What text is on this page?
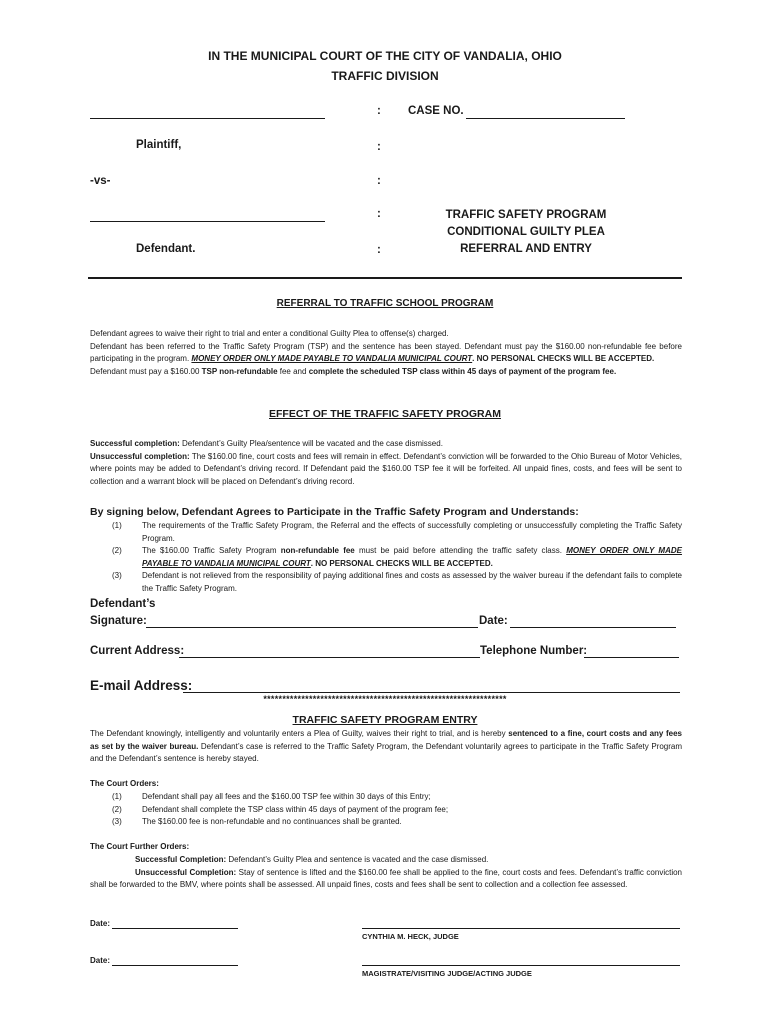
IN THE MUNICIPAL COURT OF THE CITY OF VANDALIA, OHIO
TRAFFIC DIVISION
: CASE NO.
Plaintiff,	:
-vs-	:
:	TRAFFIC SAFETY PROGRAM
CONDITIONAL GUILTY PLEA
REFERRAL AND ENTRY
Defendant.	:
REFERRAL TO TRAFFIC SCHOOL PROGRAM
Defendant agrees to waive their right to trial and enter a conditional Guilty Plea to offense(s) charged.
Defendant has been referred to the Traffic Safety Program (TSP) and the sentence has been stayed. Defendant must pay the $160.00 non-refundable fee before participating in the program. MONEY ORDER ONLY MADE PAYABLE TO VANDALIA MUNICIPAL COURT. NO PERSONAL CHECKS WILL BE ACCEPTED.
Defendant must pay a $160.00 TSP non-refundable fee and complete the scheduled TSP class within 45 days of payment of the program fee.
EFFECT OF THE TRAFFIC SAFETY PROGRAM
Successful completion: Defendant’s Guilty Plea/sentence will be vacated and the case dismissed.
Unsuccessful completion: The $160.00 fine, court costs and fees will remain in effect. Defendant’s conviction will be forwarded to the Ohio Bureau of Motor Vehicles, where points may be added to Defendant’s driving record. If Defendant paid the $160.00 TSP fee it will be forfeited. All unpaid fines, costs, and fees will be sent to collection and a warrant block will be placed on Defendant’s driving record.
By signing below, Defendant Agrees to Participate in the Traffic Safety Program and Understands:
(1)	The requirements of the Traffic Safety Program, the Referral and the effects of successfully completing or unsuccessfully completing the Traffic Safety Program.
(2)	The $160.00 Traffic Safety Program non-refundable fee must be paid before attending the traffic safety class. MONEY ORDER ONLY MADE PAYABLE TO VANDALIA MUNICIPAL COURT. NO PERSONAL CHECKS WILL BE ACCEPTED.
(3)	Defendant is not relieved from the responsibility of paying additional fines and costs as assessed by the waiver bureau if the defendant fails to complete the Traffic Safety Program.
Defendant’s
Signature:	Date:
Current Address:	Telephone Number:
E-mail Address:
****************************************************************
TRAFFIC SAFETY PROGRAM ENTRY
The Defendant knowingly, intelligently and voluntarily enters a Plea of Guilty, waives their right to trial, and is hereby sentenced to a fine, court costs and any fees as set by the waiver bureau. Defendant’s case is referred to the Traffic Safety Program, the Defendant voluntarily agrees to participate in the Traffic Safety Program and the Defendant’s sentence is hereby stayed.
The Court Orders:
(1)	Defendant shall pay all fees and the $160.00 TSP fee within 30 days of this Entry;
(2)	Defendant shall complete the TSP class within 45 days of payment of the program fee;
(3)	The $160.00 fee is non-refundable and no continuances shall be granted.
The Court Further Orders:
Successful Completion: Defendant’s Guilty Plea and sentence is vacated and the case dismissed.
Unsuccessful Completion: Stay of sentence is lifted and the $160.00 fee shall be applied to the fine, court costs and fees. Defendant’s traffic conviction shall be forwarded to the BMV, where points shall be assessed. All unpaid fines, costs and fees shall be sent to collection and a collection fee assessed.
Date:
CYNTHIA M. HECK, JUDGE
Date:
MAGISTRATE/VISITING JUDGE/ACTING JUDGE
